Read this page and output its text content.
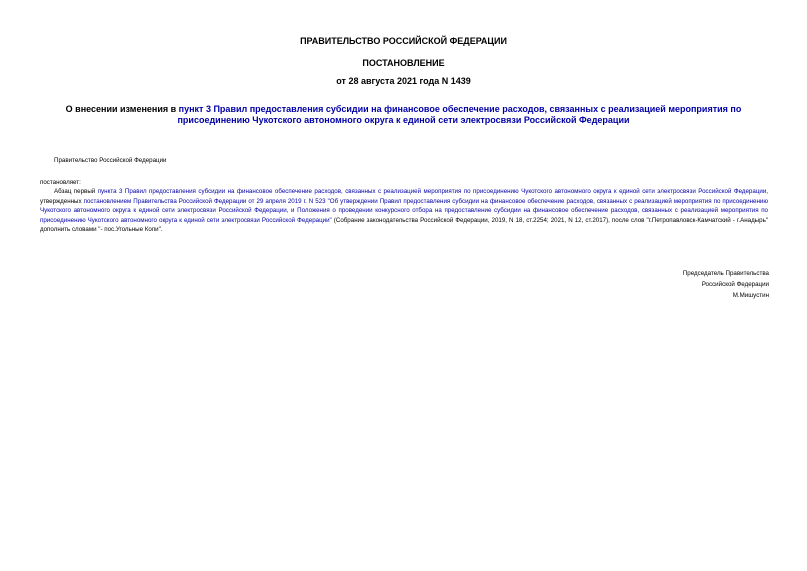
ПРАВИТЕЛЬСТВО РОССИЙСКОЙ ФЕДЕРАЦИИ
ПОСТАНОВЛЕНИЕ
от 28 августа 2021 года N 1439
О внесении изменения в пункт 3 Правил предоставления субсидии на финансовое обеспечение расходов, связанных с реализацией мероприятия по присоединению Чукотского автономного округа к единой сети электросвязи Российской Федерации
Правительство Российской Федерации
постановляет:
Абзац первый пункта 3 Правил предоставления субсидии на финансовое обеспечение расходов, связанных с реализацией мероприятия по присоединению Чукотского автономного округа к единой сети электросвязи Российской Федерации, утвержденных постановлением Правительства Российской Федерации от 29 апреля 2019 г. N 523 "Об утверждении Правил предоставления субсидии на финансовое обеспечение расходов, связанных с реализацией мероприятия по присоединению Чукотского автономного округа к единой сети электросвязи Российской Федерации, и Положения о проведении конкурсного отбора на предоставление субсидии на финансовое обеспечение расходов, связанных с реализацией мероприятия по присоединению Чукотского автономного округа к единой сети электросвязи Российской Федерации" (Собрание законодательства Российской Федерации, 2019, N 18, ст.2254; 2021, N 12, ст.2017), после слов "г.Петропавловск-Камчатский - г.Анадырь" дополнить словами "- пос.Угольные Копи".
Председатель Правительства
Российской Федерации
М.Мишустин
